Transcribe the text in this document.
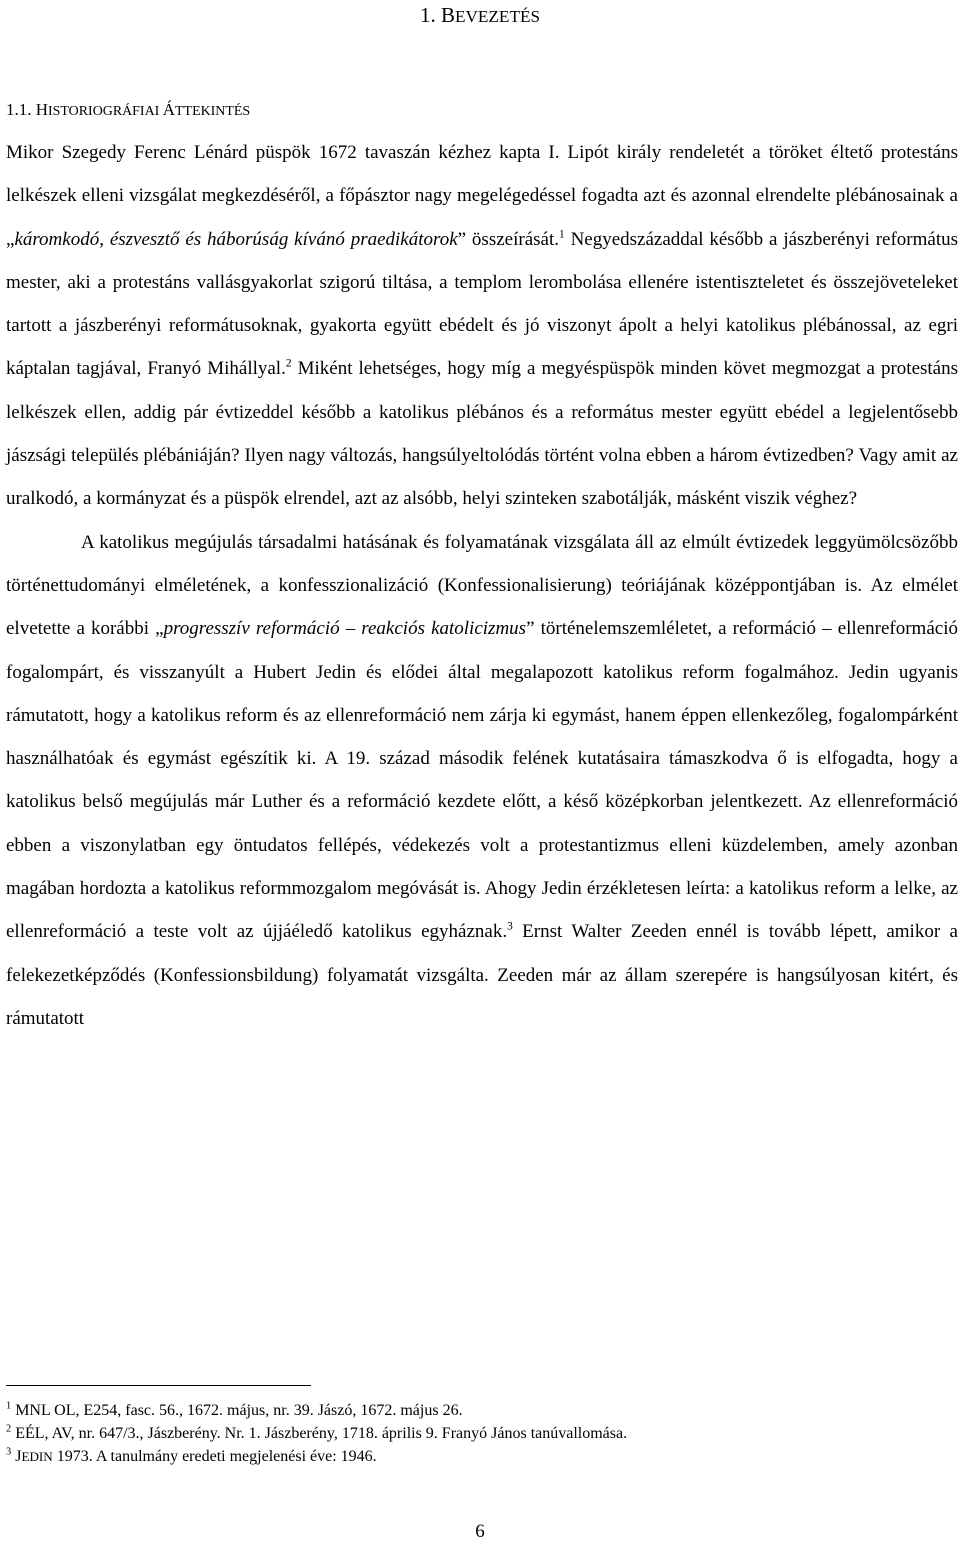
1. BEVEZETÉS
1.1. HISTORIOGRÁFIAI ÁTTEKINTÉS

Mikor Szegedy Ferenc Lénárd püspök 1672 tavaszán kézhez kapta I. Lipót király rendeletét a töröket éltető protestáns lelkészek elleni vizsgálat megkezdéséről, a főpásztor nagy megelégedéssel fogadta azt és azonnal elrendelte plébánosainak a „káromkodó, észvesztő és háborúság kívánó praedikátorok” összeírását.$^1$ Negyedszázaddal később a jászberényi református mester, aki a protestáns vallásgyakorlat szigorú tiltása, a templom lerombolása ellenére istentiszteletet és összejöveteleket tartott a jászberényi reformátusoknak, gyakorta együtt ebédelt és jó viszonyt ápolt a helyi katolikus plébánossal, az egri káptalan tagjával, Franyó Mihállyal.$^2$ Miként lehetséges, hogy míg a megyéspüspök minden követ megmozgat a protestáns lelkészek ellen, addig pár évtizeddel később a katolikus plébános és a református mester együtt ebédel a legjelentősebb jászsági település plébániáján? Ilyen nagy változás, hangsúlyeltolódás történt volna ebben a három évtizedben? Vagy amit az uralkodó, a kormányzat és a püspök elrendel, azt az alsóbb, helyi szinteken szabotálják, másként viszik véghez?

A katolikus megújulás társadalmi hatásának és folyamatának vizsgálata áll az elmúlt évtizedek leggyümölcsözőbb történettudományi elméletének, a konfesszionalizáció (Konfessionalisierung) teóriájának középpontjában is. Az elmélet elvetette a korábbi „progresszív reformáció – reakciós katolicizmus” történelemszemléletet, a reformáció – ellenreformáció fogalompárt, és visszanyúlt a Hubert Jedin és elődei által megalapozott katolikus reform fogalmához. Jedin ugyanis rámutatott, hogy a katolikus reform és az ellenreformáció nem zárja ki egymást, hanem éppen ellenkezőleg, fogalompárként használhatóak és egymást egészítik ki. A 19. század második felének kutatásaira támaszkodva ő is elfogadta, hogy a katolikus belső megújulás már Luther és a reformáció kezdete előtt, a késő középkorban jelentkezett. Az ellenreformáció ebben a viszonylatban egy öntudatos fellépés, védekezés volt a protestantizmus elleni küzdelemben, amely azonban magában hordozta a katolikus reformmozgalom megóvását is. Ahogy Jedin érzékletesen leírta: a katolikus reform a lelke, az ellenreformáció a teste volt az újjáéledő katolikus egyháznak.$^3$ Ernst Walter Zeeden ennél is tovább lépett, amikor a felekezetképződés (Konfessionsbildung) folyamatát vizsgálta. Zeeden már az állam szerepére is hangsúlyosan kitért, és rámutatott

$^1$ MNL OL, E254, fasc. 56., 1672. május, nr. 39. Jászó, 1672. május 26.

$^2$ EÉL, AV, nr. 647/3., Jászberény. Nr. 1. Jászberény, 1718. április 9. Franyó János tanúvallomása.

$^3$ JEDIN 1973. A tanulmány eredeti megjelenési éve: 1946.

6
